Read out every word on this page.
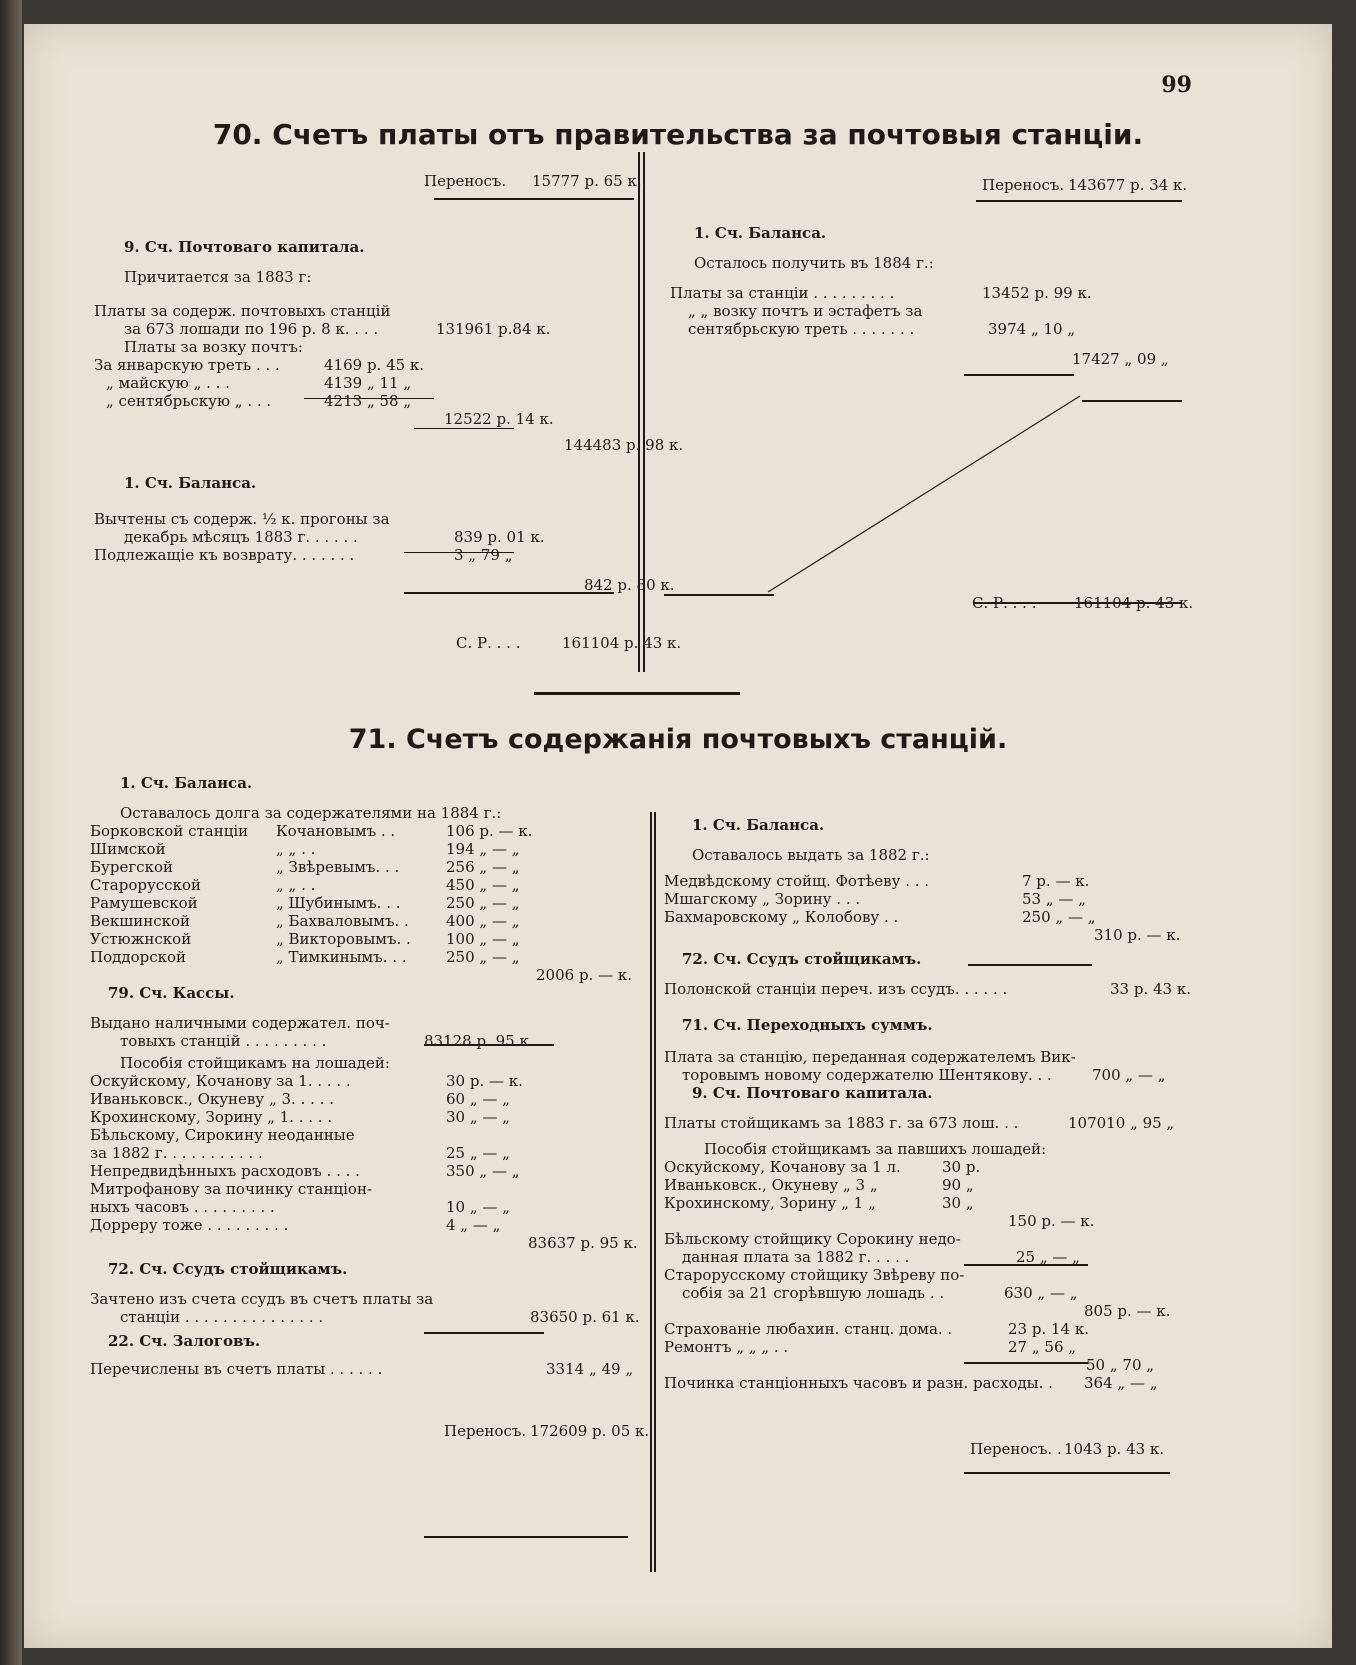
99
70. Счетъ платы отъ правительства за почтовыя станціи.
Переносъ. 15777 р. 65 к.
9. Сч. Почтоваго капитала.
Причитается за 1883 г:
Платы за содерж. почтовыхъ станцій
за 673 лошади по 196 р. 8 к. . . .	131961 р.84 к.
Платы за возку почтъ:
За январскую треть . . .	4169 р. 45 к.
„ майскую „ . . .	4139 „ 11 „
„ сентябрьскую „ . . .	4213 „ 58 „
12522 р. 14 к.
144483 р. 98 к.
1. Сч. Баланса.
Вычтены съ содерж. ½ к. прогоны за
декабрь мѣсяцъ 1883 г. . . . . .	839 р. 01 к.
Подлежащіе къ возврату. . . . . . .	3 „ 79 „
842 р. 80 к.
С. Р. . . .	161104 р. 43 к.
Переносъ. 143677 р. 34 к.
1. Сч. Баланса.
Осталось получить въ 1884 г.:
Платы за станціи . . . . . . . . .	13452 р. 99 к.
„ „ возку почтъ и эстафетъ за
сентябрьскую треть . . . . . . .	3974 „ 10 „
17427 „ 09 „
С. Р. . . .	161104 р. 43 к.
71. Счетъ содержанія почтовыхъ станцій.
1. Сч. Баланса.
Оставалось долга за содержателями на 1884 г.:
Борковской станціи Кочановымъ . .	106 р. — к.
Шимской	„ „ . .	194 „ — „
Бурегской	„ Звѣревымъ. . .	256 „ — „
Старорусской	„ „ . .	450 „ — „
Рамушевской	„ Шубинымъ. . .	250 „ — „
Векшинской	„ Бахваловымъ. . 400 „ — „
Устюжнской	„ Викторовымъ. . 100 „ — „
Поддорской	„ Тимкинымъ. . .	250 „ — „
2006 р. — к.
79. Сч. Кассы.
Выдано наличными содержател. поч-
товыхъ станцій . . . . . . . . .	83128 р. 95 к.
Пособія стойщикамъ на лошадей:
Оскуйскому, Кочанову за 1. . . . .	30 р. — к.
Иваньковск., Окуневу „ 3. . . . .	60 „ — „
Крохинскому, Зорину „ 1. . . . .	30 „ — „
Бѣльскому, Сирокину неоданные
за 1882 г. . . . . . . . . . .	25 „ — „
Непредвидѣнныхъ расходовъ . . . .	350 „ — „
Митрофанову за починку станціон-
ныхъ часовъ . . . . . . . . .	10 „ — „
Дорреру тоже . . . . . . . . .	4 „ — „
83637 р. 95 к.
72. Сч. Ссудъ стойщикамъ.
Зачтено изъ счета ссудъ въ счетъ платы за
станціи . . . . . . . . . . . . . . .	83650 р. 61 к.
22. Сч. Залоговъ.
Перечислены въ счетъ платы . . . . . .	3314 „ 49 „
Переносъ. 172609 р. 05 к.
1. Сч. Баланса.
Оставалось выдать за 1882 г.:
Медвѣдскому стойщ. Фотѣеву . . .	7 р. — к.
Мшагскому „ Зорину . . .	53 „ — „
Бахмаровскому „ Колобову . .	250 „ — „
310 р. — к.
72. Сч. Ссудъ стойщикамъ.
Полонской станціи переч. изъ ссудъ. . . . . .	33 р. 43 к.
71. Сч. Переходныхъ суммъ.
Плата за станцію, переданная содержателемъ Вик-
торовымъ новому содержателю Шентякову. . .	700 „ — „
9. Сч. Почтоваго капитала.
Платы стойщикамъ за 1883 г. за 673 лош. . .	107010 „ 95 „
Пособія стойщикамъ за павшихъ лошадей:
Оскуйскому, Кочанову за 1 л.	30 р.
Иваньковск., Окуневу „ 3 „	90 „
Крохинскому, Зорину „ 1 „	30 „
150 р. — к.
Бѣльскому стойщику Сорокину недо-
данная плата за 1882 г. . . . .	25 „ — „
Старорусскому стойщику Звѣреву по-
собія за 21 сгорѣвшую лошадь . .	630 „ — „
805 р. — к.
Страхованіе любахин. станц. дома. .	23 р. 14 к.
Ремонтъ „ „ „ . .	27 „ 56 „
50 „ 70 „
Починка станціонныхъ часовъ и разн. расходы. . 364 „ — „
Переносъ. . 1043 р. 43 к.
